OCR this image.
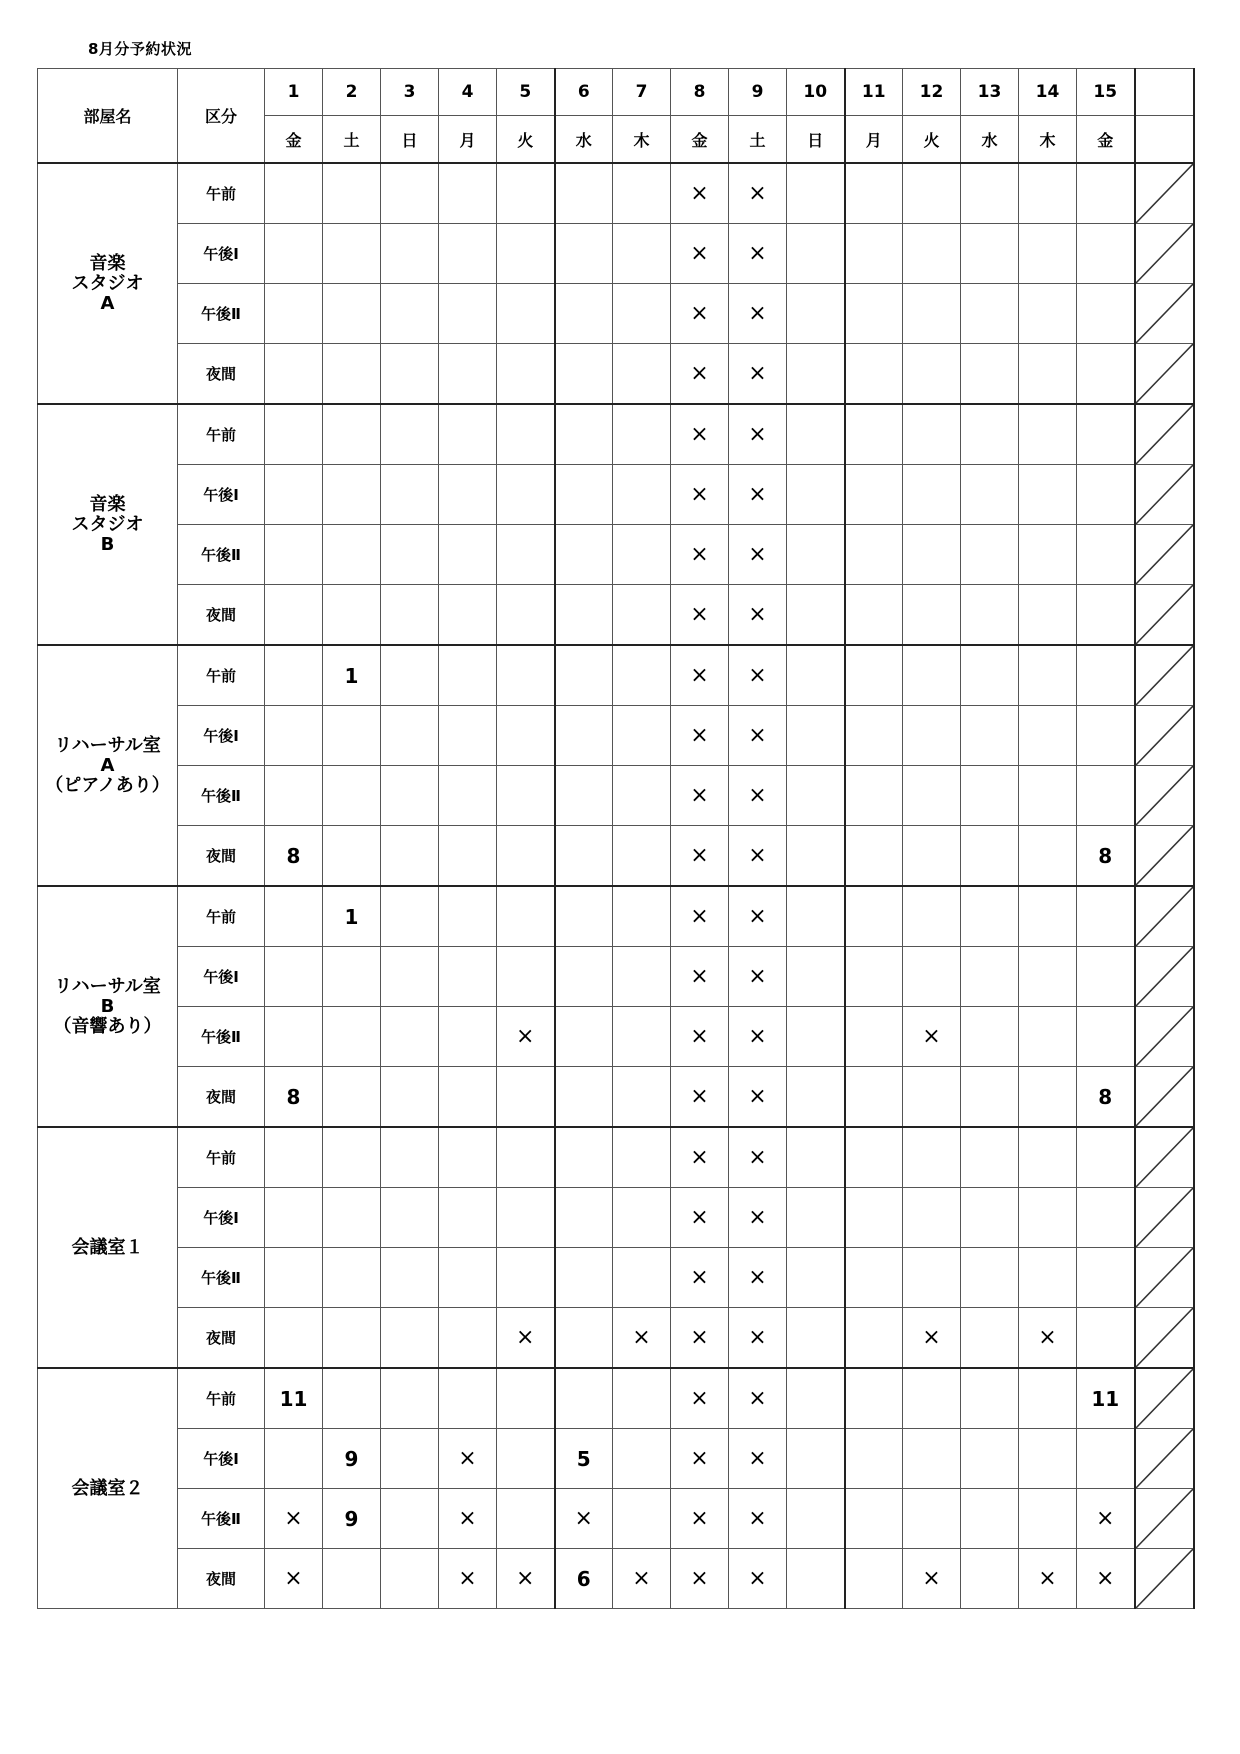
8月分予約状況
部屋名	区分	1	2	3	4	5	6	7	8	9	10	11	12	13	14	15	
		金	土	日	月	火	水	木	金	土	日	月	火	水	木	金	
音楽
スタジオ
A	午前								×	×							

	午後Ⅰ								×	×							

	午後Ⅱ								×	×							

	夜間								×	×							

音楽
スタジオ
B	午前								×	×							

	午後Ⅰ								×	×							

	午後Ⅱ								×	×							

	夜間								×	×							

リハーサル室
A
（ピアノあり）	午前		1						×	×							

	午後Ⅰ								×	×							

	午後Ⅱ								×	×							

	夜間	8							×	×						8	

リハーサル室
B
（音響あり）	午前		1						×	×							

	午後Ⅰ								×	×							

	午後Ⅱ					×			×	×			×				

	夜間	8							×	×						8	

会議室１	午前								×	×							

	午後Ⅰ								×	×							

	午後Ⅱ								×	×							

	夜間					×		×	×	×			×		×		

会議室２	午前	11							×	×						11	

	午後Ⅰ		9		×		5		×	×							

	午後Ⅱ	×	9		×		×		×	×						×	

	夜間	×			×	×	6	×	×	×			×		×	×	
